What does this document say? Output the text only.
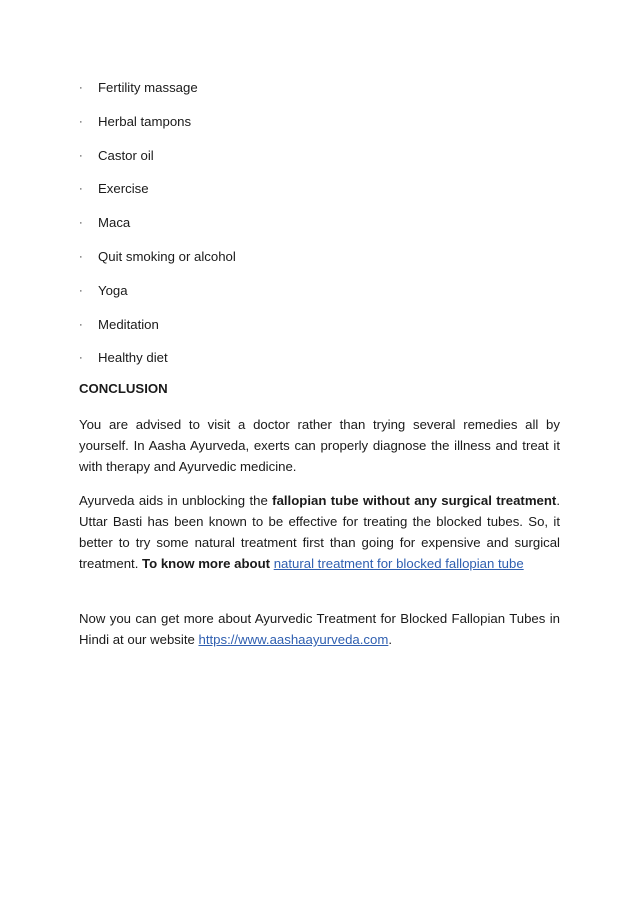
·	Fertility massage
·	Herbal tampons
·	Castor oil
·	Exercise
·	Maca
·	Quit smoking or alcohol
·	Yoga
·	Meditation
·	Healthy diet
CONCLUSION

You are advised to visit a doctor rather than trying several remedies all by yourself. In Aasha Ayurveda, exerts can properly diagnose the illness and treat it with therapy and Ayurvedic medicine.

Ayurveda aids in unblocking the fallopian tube without any surgical treatment. Uttar Basti has been known to be effective for treating the blocked tubes. So, it better to try some natural treatment first than going for expensive and surgical treatment. To know more about natural treatment for blocked fallopian tube

Now you can get more about Ayurvedic Treatment for Blocked Fallopian Tubes in Hindi at our website https://www.aashaayurveda.com.
